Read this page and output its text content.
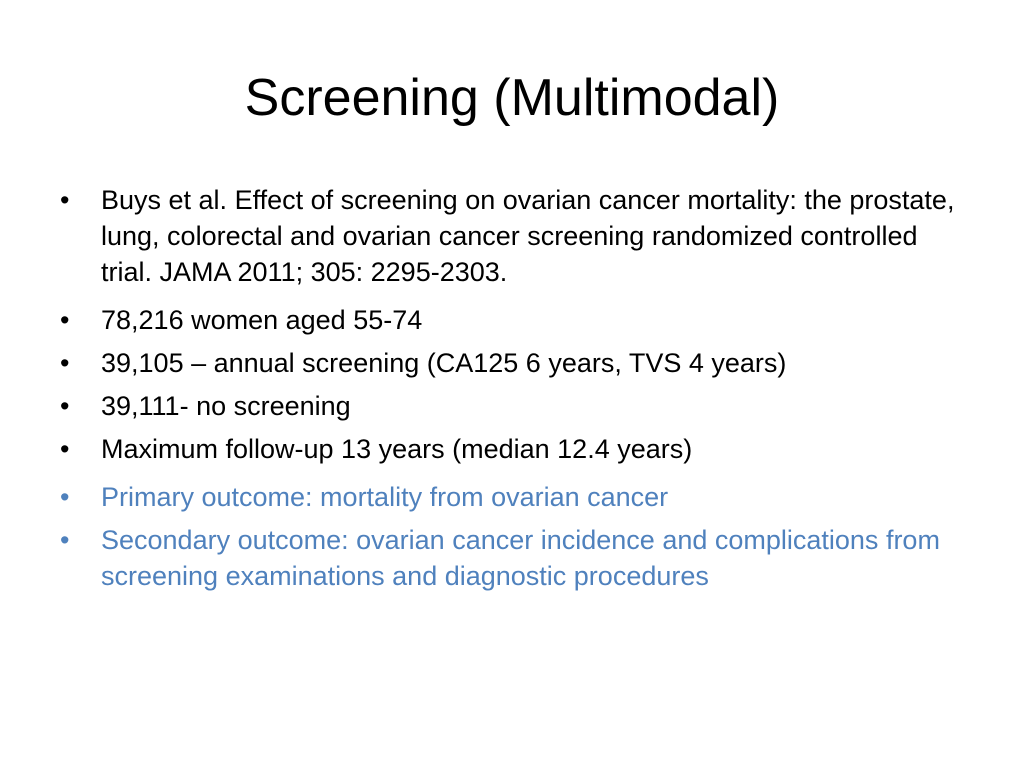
Screening (Multimodal)
•	Buys et al. Effect of screening on ovarian cancer mortality: the prostate, lung, colorectal and ovarian cancer screening randomized controlled trial. JAMA 2011; 305: 2295-2303.
•	78,216 women aged 55-74
•	39,105 – annual screening (CA125 6 years, TVS 4 years)
•	39,111- no screening
•	Maximum follow-up 13 years (median 12.4 years)
•	Primary outcome: mortality from ovarian cancer
•	Secondary outcome: ovarian cancer incidence and complications from screening examinations and diagnostic procedures
